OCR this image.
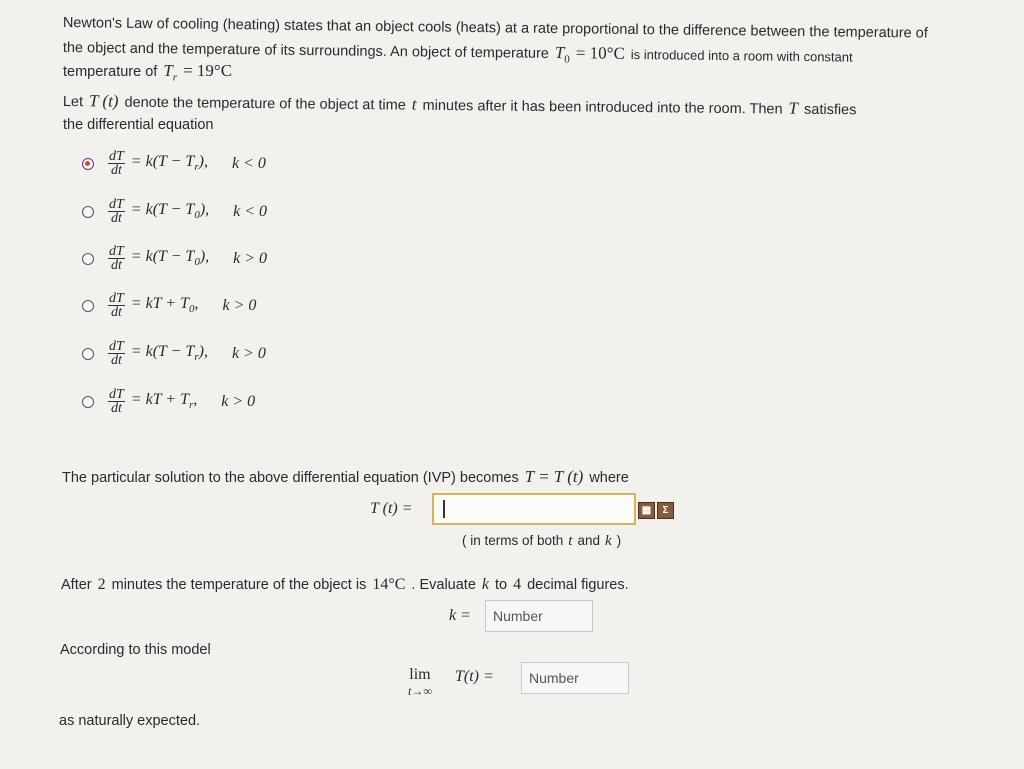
Newton's Law of cooling (heating) states that an object cools (heats) at a rate proportional to the difference between the temperature of
the object and the temperature of its surroundings. An object of temperature $T_0 = 10^\circ C$ is introduced into a room with constant
temperature of $T_r = 19^\circ C$
Let T (t) denote the temperature of the object at time t minutes after it has been introduced into the room. Then T satisfies
the differential equation
$\frac{dT}{dt} = k(T - T_r)$, k < 0
$\frac{dT}{dt} = k(T - T_0)$, k < 0
$\frac{dT}{dt} = k(T - T_0)$, k > 0
$\frac{dT}{dt}$ = kT + $T_0$, k > 0
$\frac{dT}{dt} = k(T - T_r)$, k > 0
$\frac{dT}{dt}$ = kT + $T_r$, k > 0
The particular solution to the above differential equation (IVP) becomes T = T (t) where
T (t) =	▦	Σ
( in terms of both t and k )
After 2 minutes the temperature of the object is 14°C . Evaluate k to 4 decimal figures.
k = Number
According to this model
lim
t→∞
T(t) =	Number
as naturally expected.
